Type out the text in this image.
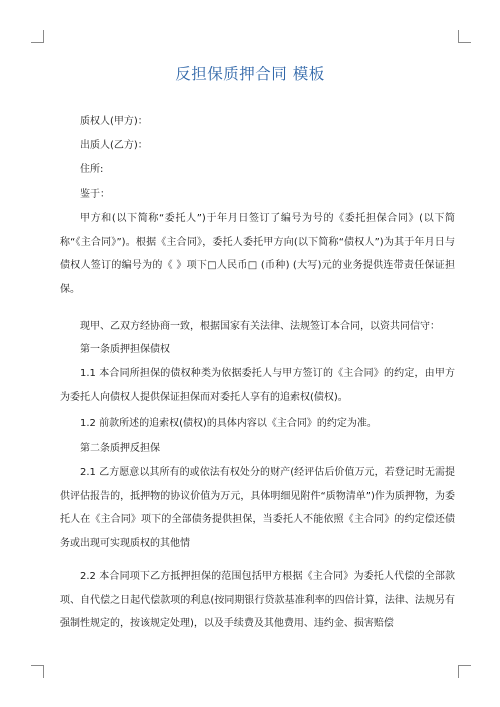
反担保质押合同 模板

质权人(甲方)：

出质人(乙方)：

住所:

鉴于：

甲方和(以下简称“委托人”)于年月日签订了编号为号的《委托担保合同》(以下简称“《主合同》”)。根据《主合同》，委托人委托甲方向(以下简称“债权人”)为其于年月日与债权人签订的编号为的《 》项下□人民币□ (币种) (大写)元的业务提供连带责任保证担保。

现甲、乙双方经协商一致，根据国家有关法律、法规签订本合同，以资共同信守：

第一条质押担保债权

1.1 本合同所担保的债权种类为依据委托人与甲方签订的《主合同》的约定，由甲方为委托人向债权人提供保证担保而对委托人享有的追索权(债权)。

1.2 前款所述的追索权(债权)的具体内容以《主合同》的约定为准。

第二条质押反担保

2.1 乙方愿意以其所有的或依法有权处分的财产(经评估后价值万元，若登记时无需提供评估报告的，抵押物的协议价值为万元，具体明细见附件“质物清单”)作为质押物，为委托人在《主合同》项下的全部债务提供担保，当委托人不能依照《主合同》的约定偿还债务或出现可实现质权的其他情

2.2 本合同项下乙方抵押担保的范围包括甲方根据《主合同》为委托人代偿的全部款项、自代偿之日起代偿款项的利息(按同期银行贷款基准利率的四倍计算，法律、法规另有强制性规定的，按该规定处理)，以及手续费及其他费用、违约金、损害赔偿
